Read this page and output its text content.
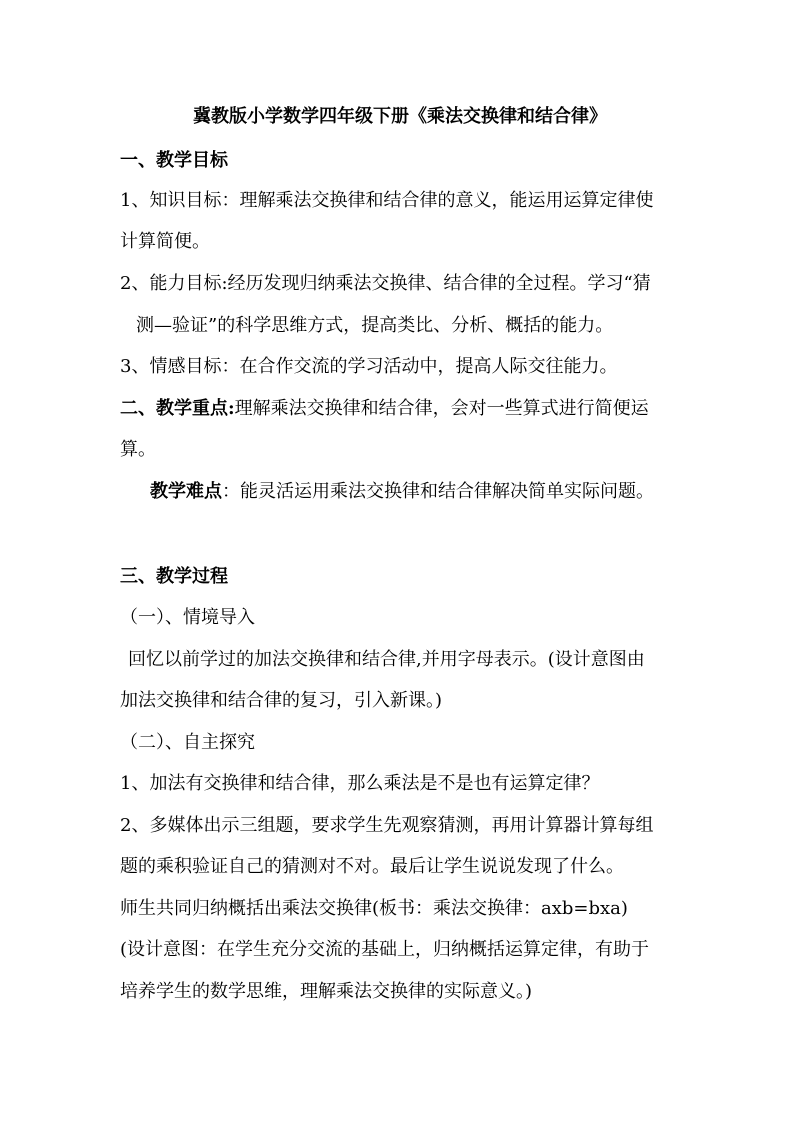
冀教版小学数学四年级下册《乘法交换律和结合律》
一、教学目标
1、知识目标：理解乘法交换律和结合律的意义，能运用运算定律使
计算简便。
2、能力目标:经历发现归纳乘法交换律、结合律的全过程。学习“猜
测—验证”的科学思维方式，提高类比、分析、概括的能力。
3、情感目标：在合作交流的学习活动中，提高人际交往能力。
二、教学重点:理解乘法交换律和结合律，会对一些算式进行简便运
算。
教学难点：能灵活运用乘法交换律和结合律解决简单实际问题。
三、教学过程
（一）、情境导入
回忆以前学过的加法交换律和结合律,并用字母表示。(设计意图由
加法交换律和结合律的复习，引入新课。)
（二）、自主探究
1、加法有交换律和结合律，那么乘法是不是也有运算定律？
2、多媒体出示三组题，要求学生先观察猜测，再用计算器计算每组
题的乘积验证自己的猜测对不对。最后让学生说说发现了什么。
师生共同归纳概括出乘法交换律(板书：乘法交换律：axb=bxa)
(设计意图：在学生充分交流的基础上，归纳概括运算定律，有助于
培养学生的数学思维，理解乘法交换律的实际意义。)
